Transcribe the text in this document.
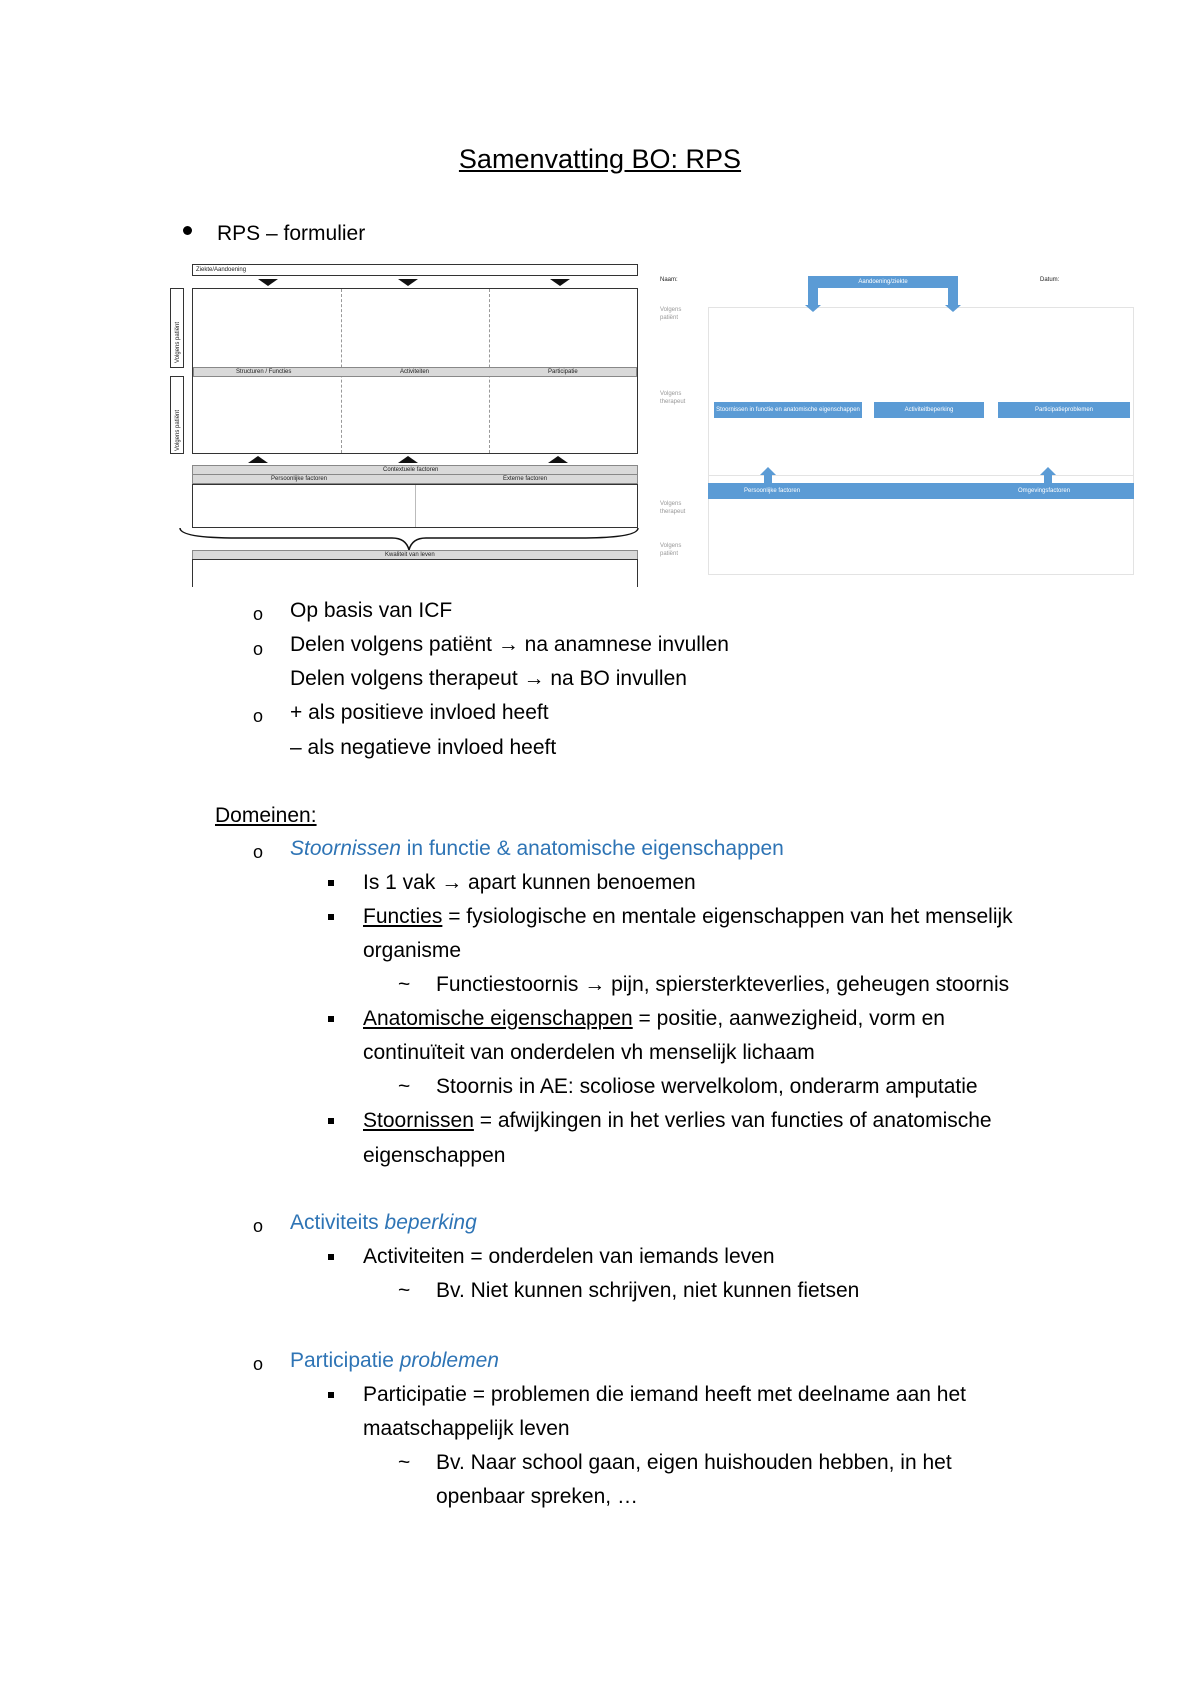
Samenvatting BO: RPS
RPS – formulier
Ziekte/Aandoening
Volgens patiënt
Volgens patiënt
Structuren / Functies	Activiteiten	Participatie
Contextuele factoren
Persoonlijke factoren	Externe factoren
Kwaliteit van leven
Naam:	Datum:
Aandoening/ziekte
Volgens patiënt
Volgens therapeut
Volgens therapeut
Volgens patiënt
Stoornissen in functie en anatomische eigenschappen	Activiteitbeperking	Participatieproblemen
Persoonlijke factoren	Omgevingsfactoren
o Op basis van ICF
o Delen volgens patiënt → na anamnese invullen
Delen volgens therapeut → na BO invullen
o + als positieve invloed heeft
– als negatieve invloed heeft
Domeinen:
o Stoornissen in functie & anatomische eigenschappen
Is 1 vak → apart kunnen benoemen
Functies = fysiologische en mentale eigenschappen van het menselijk
organisme
~ Functiestoornis → pijn, spiersterkteverlies, geheugen stoornis
Anatomische eigenschappen = positie, aanwezigheid, vorm en
continuïteit van onderdelen vh menselijk lichaam
~ Stoornis in AE: scoliose wervelkolom, onderarm amputatie
Stoornissen = afwijkingen in het verlies van functies of anatomische
eigenschappen
o Activiteits beperking
Activiteiten = onderdelen van iemands leven
~ Bv. Niet kunnen schrijven, niet kunnen fietsen
o Participatie problemen
Participatie = problemen die iemand heeft met deelname aan het
maatschappelijk leven
~ Bv. Naar school gaan, eigen huishouden hebben, in het
openbaar spreken, …
